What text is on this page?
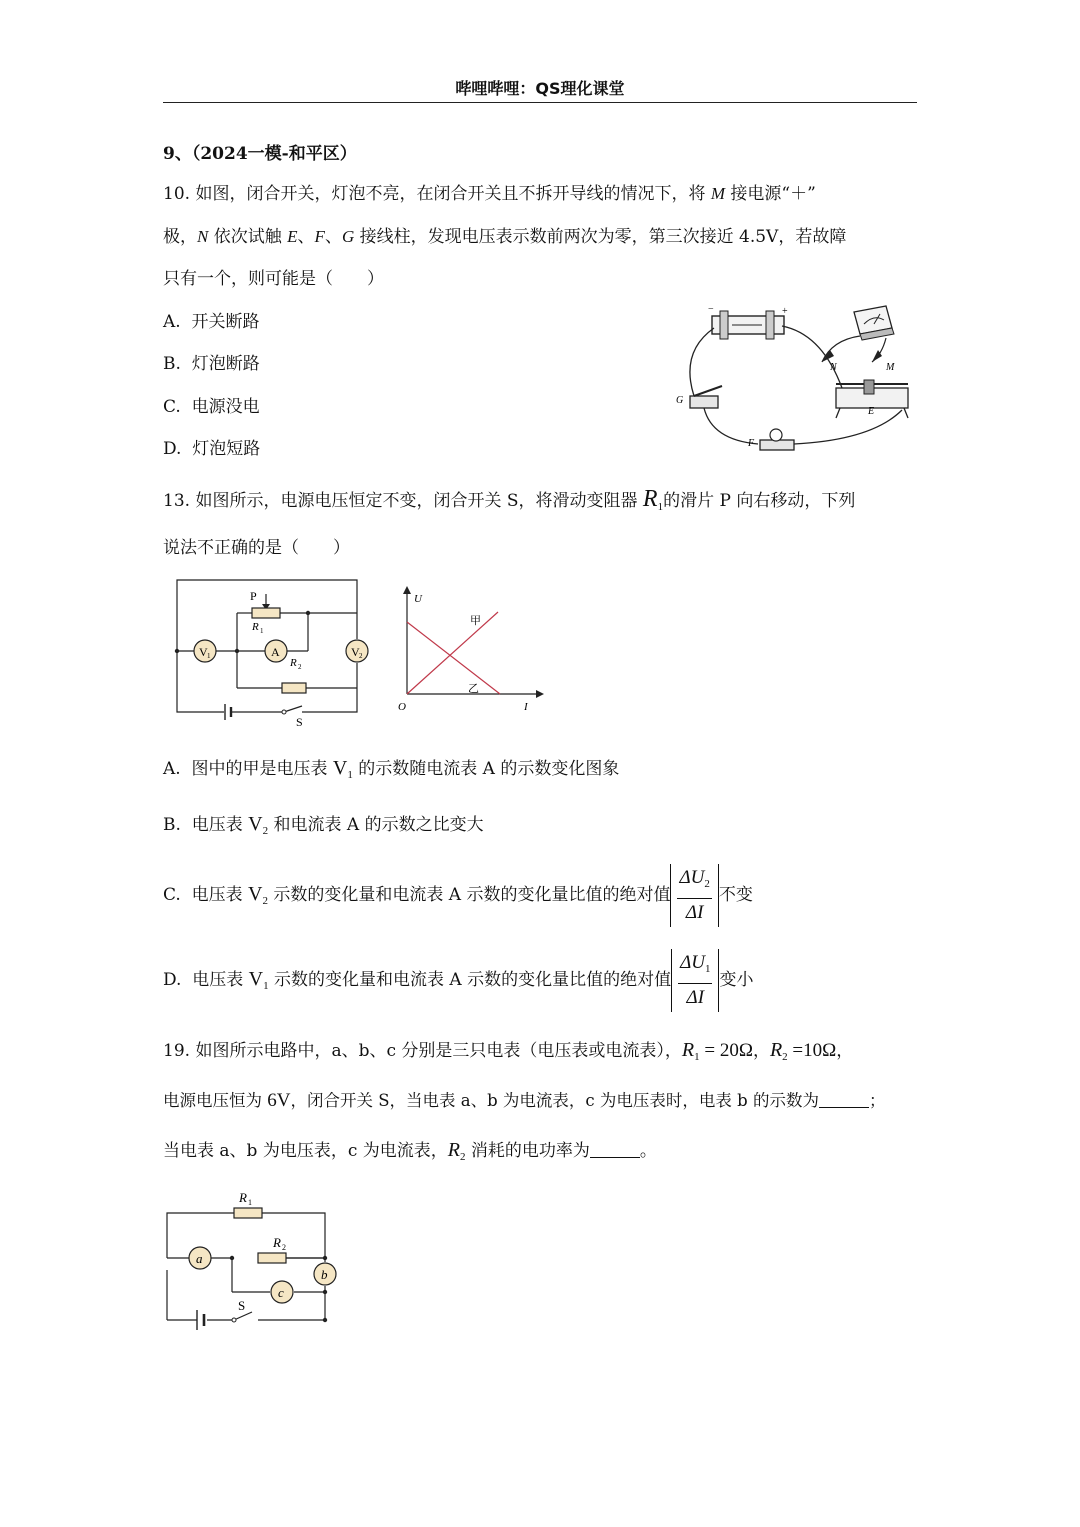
哔哩哔哩：QS理化课堂
9、（2024一模-和平区）
10. 如图，闭合开关，灯泡不亮，在闭合开关且不拆开导线的情况下，将 M 接电源“＋”
极，N 依次试触 E、F、G 接线柱，发现电压表示数前两次为零，第三次接近 4.5V，若故障
只有一个，则可能是（　　）
A. 开关断路
B. 灯泡断路
C. 电源没电
D. 灯泡短路
−	+
N	M
G
E
F
13. 如图所示，电源电压恒定不变，闭合开关 S，将滑动变阻器 $R_1$的滑片 P 向右移动，下列
说法不正确的是（　　）
V 1	A	V 2
P
R 1
R 2
S
U
O	I
甲
乙
A. 图中的甲是电压表 $V_1$ 的示数随电流表 A 的示数变化图象
B. 电压表 $V_2$ 和电流表 A 的示数之比变大
C. 电压表 $V_2$ 示数的变化量和电流表 A 示数的变化量比值的绝对值 $\frac{\Delta U_2}{\Delta I}$ 不变
D. 电压表 $V_1$ 示数的变化量和电流表 A 示数的变化量比值的绝对值 $\frac{\Delta U_1}{\Delta I}$ 变小
19. 如图所示电路中，a、b、c 分别是三只电表（电压表或电流表），$R_1 = 20\Omega$，$R_2 =10\Omega$，
电源电压恒为 6V，闭合开关 S，当电表 a、b 为电流表，c 为电压表时，电表 b 的示数为	；
当电表 a、b 为电压表，c 为电流表，$R_2$ 消耗的电功率为	。
a
b
c
R 1
R 2
S
